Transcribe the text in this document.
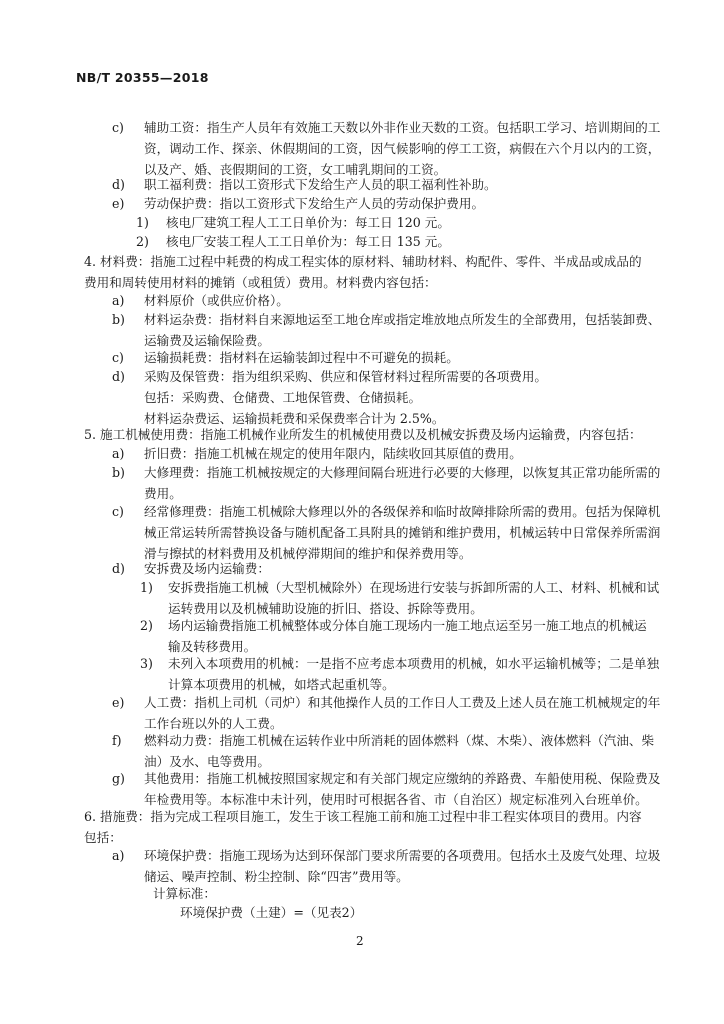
NB/T 20355—2018
c)	辅助工资：指生产人员年有效施工天数以外非作业天数的工资。包括职工学习、培训期间的工
资，调动工作、探亲、休假期间的工资，因气候影响的停工工资，病假在六个月以内的工资，
以及产、婚、丧假期间的工资，女工哺乳期间的工资。
d)	职工福利费：指以工资形式下发给生产人员的职工福利性补助。
e)	劳动保护费：指以工资形式下发给生产人员的劳动保护费用。
1)	核电厂建筑工程人工工日单价为：每工日 120 元。
2)	核电厂安装工程人工工日单价为：每工日 135 元。
4. 材料费：指施工过程中耗费的构成工程实体的原材料、辅助材料、构配件、零件、半成品或成品的
费用和周转使用材料的摊销（或租赁）费用。材料费内容包括：
a)	材料原价（或供应价格）。
b)	材料运杂费：指材料自来源地运至工地仓库或指定堆放地点所发生的全部费用，包括装卸费、
运输费及运输保险费。
c)	运输损耗费：指材料在运输装卸过程中不可避免的损耗。
d)	采购及保管费：指为组织采购、供应和保管材料过程所需要的各项费用。
包括：采购费、仓储费、工地保管费、仓储损耗。
材料运杂费运、运输损耗费和采保费率合计为 2.5%。
5. 施工机械使用费：指施工机械作业所发生的机械使用费以及机械安拆费及场内运输费，内容包括：
a)	折旧费：指施工机械在规定的使用年限内，陆续收回其原值的费用。
b)	大修理费：指施工机械按规定的大修理间隔台班进行必要的大修理，以恢复其正常功能所需的
费用。
c)	经常修理费：指施工机械除大修理以外的各级保养和临时故障排除所需的费用。包括为保障机
械正常运转所需替换设备与随机配备工具附具的摊销和维护费用，机械运转中日常保养所需润
滑与擦拭的材料费用及机械停滞期间的维护和保养费用等。
d)	安拆费及场内运输费：
1)	安拆费指施工机械（大型机械除外）在现场进行安装与拆卸所需的人工、材料、机械和试
运转费用以及机械辅助设施的折旧、搭设、拆除等费用。
2)	场内运输费指施工机械整体或分体自施工现场内一施工地点运至另一施工地点的机械运
输及转移费用。
3)	未列入本项费用的机械：一是指不应考虑本项费用的机械，如水平运输机械等；二是单独
计算本项费用的机械，如塔式起重机等。
e)	人工费：指机上司机（司炉）和其他操作人员的工作日人工费及上述人员在施工机械规定的年
工作台班以外的人工费。
f)	燃料动力费：指施工机械在运转作业中所消耗的固体燃料（煤、木柴）、液体燃料（汽油、柴
油）及水、电等费用。
g)	其他费用：指施工机械按照国家规定和有关部门规定应缴纳的养路费、车船使用税、保险费及
年检费用等。本标准中未计列，使用时可根据各省、市（自治区）规定标准列入台班单价。
6. 措施费：指为完成工程项目施工，发生于该工程施工前和施工过程中非工程实体项目的费用。内容
包括：
a)	环境保护费：指施工现场为达到环保部门要求所需要的各项费用。包括水土及废气处理、垃圾
储运、噪声控制、粉尘控制、除“四害”费用等。
计算标准：
环境保护费（土建）=（见表2）
2
